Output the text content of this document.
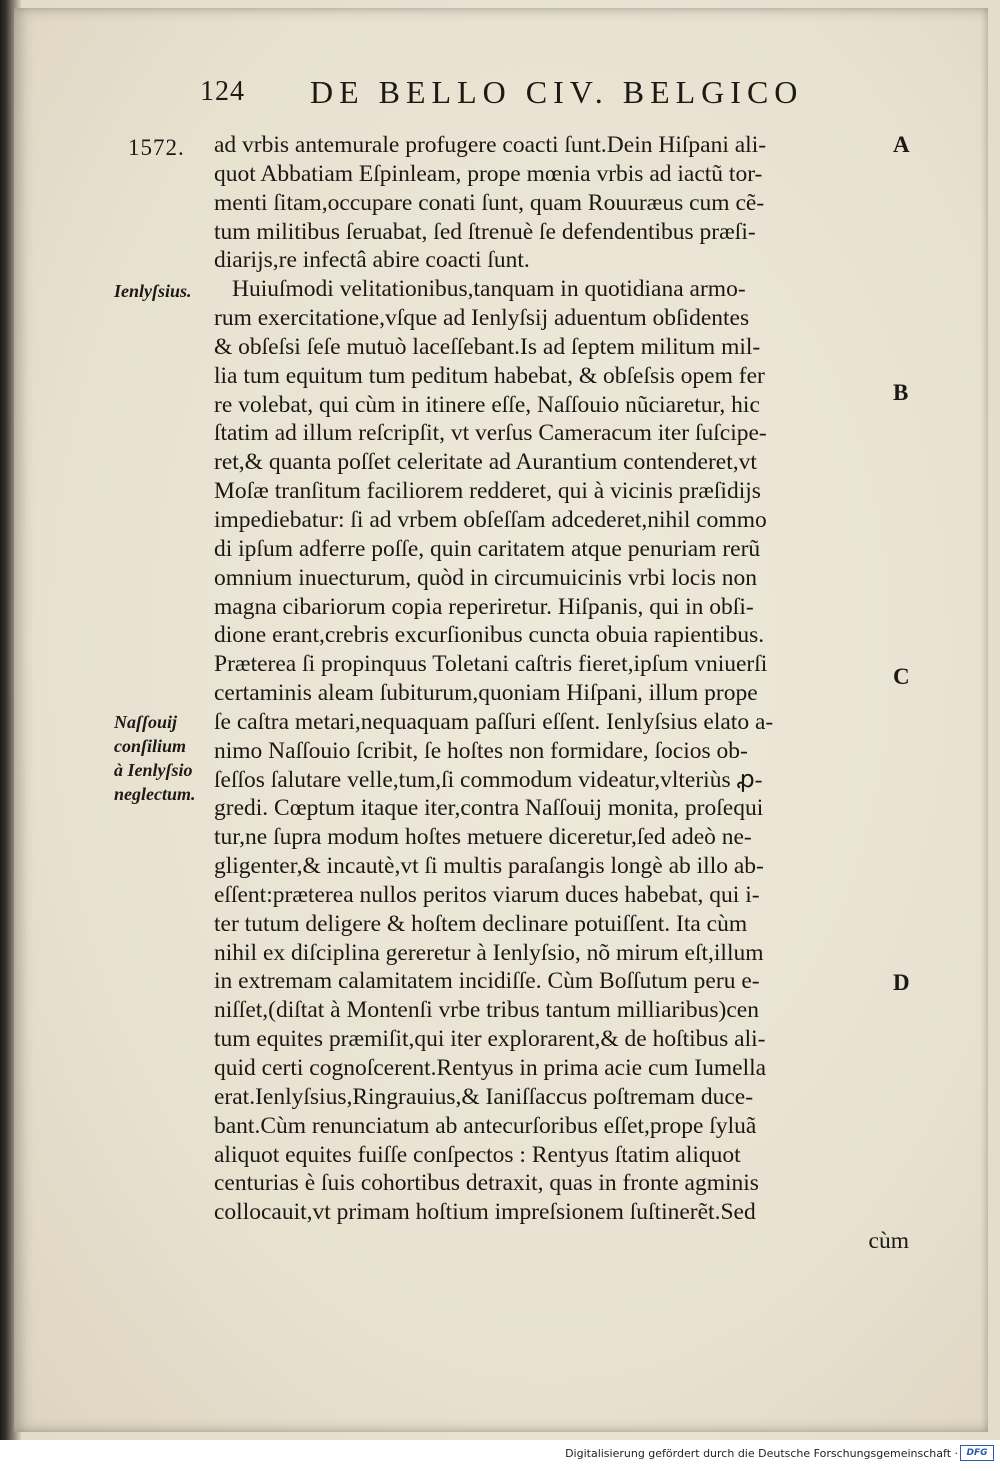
124 DE BELLO CIV. BELGICO
1572.
Ienlyſsius.
Naſſouij
conſilium
à Ienlyſsio
neglectum.
A
B
C
D
ad vrbis antemurale profugere coacti ſunt.Dein Hiſpani ali-
quot Abbatiam Eſpinleam, prope mœnia vrbis ad iactũ tor-
menti ſitam,occupare conati ſunt, quam Rouuræus cum cẽ-
tum militibus ſeruabat, ſed ſtrenuè ſe defendentibus præſi-
diarijs,re infectâ abire coacti ſunt.
Huiuſmodi velitationibus,tanquam in quotidiana armo-
rum exercitatione,vſque ad Ienlyſsij aduentum obſidentes
& obſeſsi ſeſe mutuò laceſſebant.Is ad ſeptem militum mil-
lia tum equitum tum peditum habebat, & obſeſsis opem fer
re volebat, qui cùm in itinere eſſe, Naſſouio nũciaretur, hic
ſtatim ad illum reſcripſit, vt verſus Cameracum iter ſuſcipe-
ret,& quanta poſſet celeritate ad Aurantium contenderet,vt
Moſæ tranſitum faciliorem redderet, qui à vicinis præſidijs
impediebatur: ſi ad vrbem obſeſſam adcederet,nihil commo
di ipſum adferre poſſe, quin caritatem atque penuriam rerũ
omnium inuecturum, quòd in circumuicinis vrbi locis non
magna cibariorum copia reperiretur. Hiſpanis, qui in obſi-
dione erant,crebris excurſionibus cuncta obuia rapientibus.
Præterea ſi propinquus Toletani caſtris fieret,ipſum vniuerſi
certaminis aleam ſubiturum,quoniam Hiſpani, illum prope
ſe caſtra metari,nequaquam paſſuri eſſent. Ienlyſsius elato a-
nimo Naſſouio ſcribit, ſe hoſtes non formidare, ſocios ob-
ſeſſos ſalutare velle,tum,ſi commodum videatur,vlteriùs ꝓ-
gredi. Cœptum itaque iter,contra Naſſouij monita, proſequi
tur,ne ſupra modum hoſtes metuere diceretur,ſed adeò ne-
gligenter,& incautè,vt ſi multis paraſangis longè ab illo ab-
eſſent:præterea nullos peritos viarum duces habebat, qui i-
ter tutum deligere & hoſtem declinare potuiſſent. Ita cùm
nihil ex diſciplina gereretur à Ienlyſsio, nõ mirum eſt,illum
in extremam calamitatem incidiſſe. Cùm Boſſutum peru e-
niſſet,(diſtat à Montenſi vrbe tribus tantum milliaribus)cen
tum equites præmiſit,qui iter explorarent,& de hoſtibus ali-
quid certi cognoſcerent.Rentyus in prima acie cum Iumella
erat.Ienlyſsius,Ringrauius,& Ianiſſaccus poſtremam duce-
bant.Cùm renunciatum ab antecurſoribus eſſet,prope ſyluã
aliquot equites fuiſſe conſpectos : Rentyus ſtatim aliquot
centurias è ſuis cohortibus detraxit, quas in fronte agminis
collocauit,vt primam hoſtium impreſsionem ſuſtinerẽt.Sed
cùm
Digitalisierung gefördert durch die Deutsche Forschungsgemeinschaft · DFG
